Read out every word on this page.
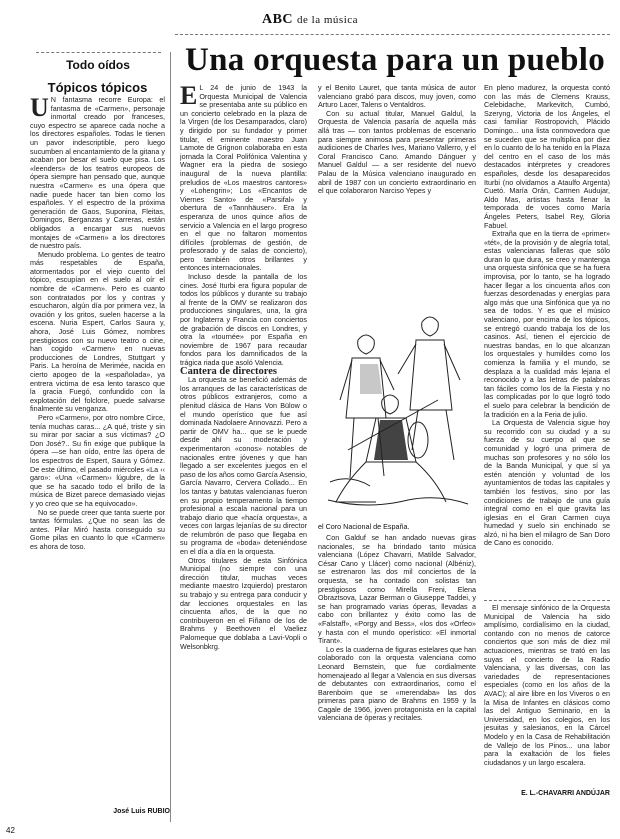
ABC de la música
Una orquesta para un pueblo
Todo oídos
Tópicos tópicos
U N fantasma recorre Europa: el fantasma de «Carmen», personaje inmortal creado por franceses, cuyo espectro se aparece cada noche a los directores españoles. Todas le tienen un pavor indescriptible, pero luego sucumben al encantamiento de la gitana y acaban por besar el suelo que pisa. Los «leenders» de los teatros europeos de ópera siempre han pensado que, aunque nuestra «Carmen» es una ópera que nadie puede hacer tan bien como los españoles. Y el espectro de la próxima generación de Gaos, Suponina, Fleitas, Domingos, Berganzas y Carreras, están obligados a encargar sus nuevos montajes de «Carmen» a los directores de nuestro país.

Menudo problema. Lo gentes de teatro más respetables de España, atormentados por el viejo cuento del tópico, escupían en el suelo al oír el nombre de «Carmen». Pero es cuanto son contratados por los y contras y escucharon, algún día por primera vez, la ovación y los gritos, suelen hacerse a la escena. Nuria Espert, Carlos Saura y, ahora, José Luis Gómez, nombres prestigiosos con su nuevo teatro o cine, han cogido «Carmen» en nuevas producciones de Londres, Stuttgart y Paris. La heroína de Merimée, nacida en cierto apogeo de la «españolada», ya entrera victima de esa lento tarasco que la gracia Fuegó, confundido con la explotación del folclore, puede salvarse finalmente su venganza.

Pero «Carmen», por otro nombre Circe, tenía muchas caras... ¿A qué, triste y sin su mirar por saciar a sus víctimas? ¿O Don José?.. Su fin exige que publique la ópera —se han oído, entre las ópera de los espectros de Espert, Saura y Gómez. De este último, el pasado miércoles «La ‹‹ garo»: «Una ‹‹Carmen›› lúgubre, de la que se ha sacado todo el brillo de la música de Bizet parece demasiado viejas y yo creo que se ha equivocado».

No se puede creer que tanta suerte por tantas fórmulas. ¿Que no sean las de antes. Pilar Miró hasta conseguido su Gome pilas en cuanto lo que «Carmen» es ahora de toso.

José Luis RUBIO
E L 24 de junio de 1943 la Orquesta Municipal de Valencia se presentaba ante su público en un concierto celebrado en la plaza de la Virgen (de los Desamparados, claro) y dirigido por su fundador y primer titular, el eminente maestro Juan Lamote de Grignon colaboraba en esta jornada la Coral Polifónica Valentina y Wagner era la piedra de sosiego inaugural de la nueva plantilla: preludios de «Los maestros cantores» y «Lohengrin»; Los «Encantos de Viernes Santo» de «Parsifal» y obertura de «Tannhäuser». Era la esperanza de unos quince años de servicio a Valencia en el largo progreso en el que no faltaron momentos difíciles (problemas de gestión, de profesorado y de salas de concierto), pero también otros brillantes y entonces internacionales.

Incluso desde la pantalla de los cines. José Iturbi era figura popular de todos los públicos y durante su trabajo al frente de la OMV se realizaron dos producciones singulares, una, la gira por Inglaterra y Francia con conciertos de grabación de discos en Londres, y otra la «tournée» por España en noviembre de 1967 para recaudar fondos para los damnificados de la trágica riada que asoló Valencia.

Cantera de directores

La orquesta se benefició además de los arranques de las características de otros públicos extranjeros, como a plenitud clásica de Hans Von Bülow o el mundo operístico que fue así dominada Nadolaere Annovazzi. Pero a partir de OMV ha... que se le puede desde ahí su moderación y experimentaron «conos» notables de nacionales entre jóvenes y que han llegado a ser excelentes juegos en el paso de los años como García Asensio, García Navarro, Cervera Collado... En los tantas y batutas valencianas fueron en su propio temperamento la tiempo profesional a escala nacional para un trabajo diario que «hacía orquesta», a veces con largas lejanías de su director de relumbrón de paso que llegaba en su programa de «boda» deteniéndose en el día a día en la orquesta.

Otros titulares de esta Sinfónica Municipal (no siempre con una dirección titular, muchas veces mediante maestro Izquierdo) prestaron su trabajo y su entrega para conducir y dar lecciones orquestales en las cincuenta años, de la que no contribuyeron en el Fiñano de los de Brahms y Beethoven el Vaeliez Palomeque que doblaba a Lavi-Vopli o Welsonbkrg.

y el Benito Lauret, que tanta música de autor valenciano grabó para discos, muy joven, como Arturo Lacer, Talens o Ventaldros.

Con su actual titular, Manuel Galdul, la Orquesta de Valencia pasaría de aquella más allá tras — con tantos problemas de escenario para siempre animosa para presentar primeras audiciones de Charles Ives, Mariano Vallerro, y el Coral Francisco Cano. Amando Dánguer y Manuel Galdul — a ser residente del nuevo Palau de la Música valenciano inaugurado en abril de 1987 con un concierto extraordinario en el que colaboraron Narciso Yepes y

el Coro Nacional de España.

Con Galduf se han andado nuevas giras nacionales, se ha brindado tanto música valenciana (López Chavarri, Matilde Salvador, César Cano y Llácer) como nacional (Albéniz), se estrenaron las dos mil conciertos de la orquesta, se ha contado con solistas tan prestigiosos como Mirella Freni, Elena Obraztsova, Lazar Berman o Giuseppe Taddei, y se han programado varias óperas, llevadas a cabo con brillantez y éxito como las de «Falstaff», «Porgy and Bess», «los dos «Orfeo» y hasta con el mundo operístico: «El inmortal Tirant».

Lo es la cuaderna de figuras estelares que han colaborado con la orquesta valenciana como Leonard Bernstein, que fue cordialmente homenajeado al llegar a Valencia en sus diversas de debutantes con extraordinarios, como el Barenboim que se «merendaba» las dos primeras para piano de Brahms en 1959 y la Cagale de 1966, joven protagonista en la capital valenciana de óperas y recitales.

En pleno madurez, la orquesta contó con las más de Clemens Krauss, Celebidache, Markevitch, Cumbó, Szeryng, Victoria de los Ángeles, el casi familiar Rostropovich, Plácido Domingo... una lista conmovedora que se suceden que se multiplica por diez en lo cuanto de lo ha tenido en la Plaza del centro en el caso de los más destacados intérpretes y creadores españoles, desde los desaparecidos Iturbi (no olvidamos a Ataulfo Argenta) Cuetó. María Orán, Carmen Audujar, Aldo Mas, artistas hasta llenar la temporada de voces como María Ángeles Peters, Isabel Rey, Gloria Fabuel.

Extraña que en la tierra de «primer» «tét», de la provisión y de alegría total, estas valencianas falleras que sólo duran lo que dura, se creo y mantenga una orquesta sinfónica que se ha fuera improvisa, por lo tanto, se ha logrado hacer llegar a los cincuenta años con fuerzas desordenadas y energías para algo más que una Sinfónica que ya no sea de todos. Y es que el músico valenciano, por encima de los tópicos, se entregó cuando trabaja los de los casinos. Así, tienen el ejercicio de nuestras bandas, en lo que alcanzan los orquestales y humildes como los comienza la familia y el mundo, se desplaza a la cualidad más lejana el reconocido y a las letras de palabras tan fáciles como los de la Fiesta y no las complicadas por lo que logró todo el suelo para celebrar la bendición de la tradición en a la Feria de julio.

La Orquesta de Valencia sigue hoy su recorrido con su ciudad y a su fuerza de su cuerpo al que se comunidad y logró una primera de muchas son profesores y no sólo los de la Banda Municipal, y que sí ya estén atención y voluntad de los ayuntamientos de todas las capitales y también los festivos, sino por las condiciones de trabajo de una guía integral como en el que gravita las iglesias en el Gran Carmen cuya humedad y suelo sin enchinado se alzó, ni ha bien el milagro de San Doro de Cano es conocido.

El mensaje sinfónico de la Orquesta Municipal de Valencia ha sido amplísimo, cordialísimo en la ciudad, contando con no menos de catorce conciertos que son más de diez mil actuaciones, mientras se trató en las suyas el concierto de la Radio Valenciana, y las diversas, con las variedades de representaciones especiales (como en los años de la AVAC); al aire libre en los Viveros o en la Misa de Infantes en clásicos como las del Antiguo Seminario, en la Universidad, en los colegios, en los jesuitas y salesianos, en la Cárcel Modelo y en la Casa de Rehabilitación de Vallejo de los Pinos... una labor para la exaltación de los fieles ciudadanos y un largo escalera.

E. L.-CHAVARRI ANDÚJAR
42
